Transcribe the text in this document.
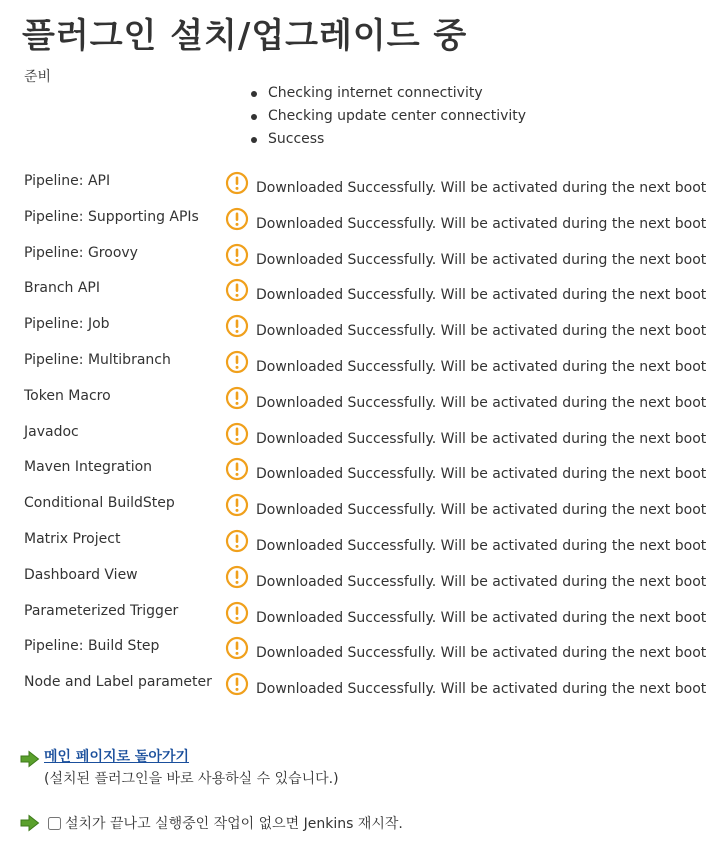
플러그인 설치/업그레이드 중
준비
Checking internet connectivity
Checking update center connectivity
Success
Pipeline: API	Downloaded Successfully. Will be activated during the next boot
Pipeline: Supporting APIs	Downloaded Successfully. Will be activated during the next boot
Pipeline: Groovy	Downloaded Successfully. Will be activated during the next boot
Branch API	Downloaded Successfully. Will be activated during the next boot
Pipeline: Job	Downloaded Successfully. Will be activated during the next boot
Pipeline: Multibranch	Downloaded Successfully. Will be activated during the next boot
Token Macro	Downloaded Successfully. Will be activated during the next boot
Javadoc	Downloaded Successfully. Will be activated during the next boot
Maven Integration	Downloaded Successfully. Will be activated during the next boot
Conditional BuildStep	Downloaded Successfully. Will be activated during the next boot
Matrix Project	Downloaded Successfully. Will be activated during the next boot
Dashboard View	Downloaded Successfully. Will be activated during the next boot
Parameterized Trigger	Downloaded Successfully. Will be activated during the next boot
Pipeline: Build Step	Downloaded Successfully. Will be activated during the next boot
Node and Label parameter	Downloaded Successfully. Will be activated during the next boot
메인 페이지로 돌아가기
(설치된 플러그인을 바로 사용하실 수 있습니다.)
설치가 끝나고 실행중인 작업이 없으면 Jenkins 재시작.
